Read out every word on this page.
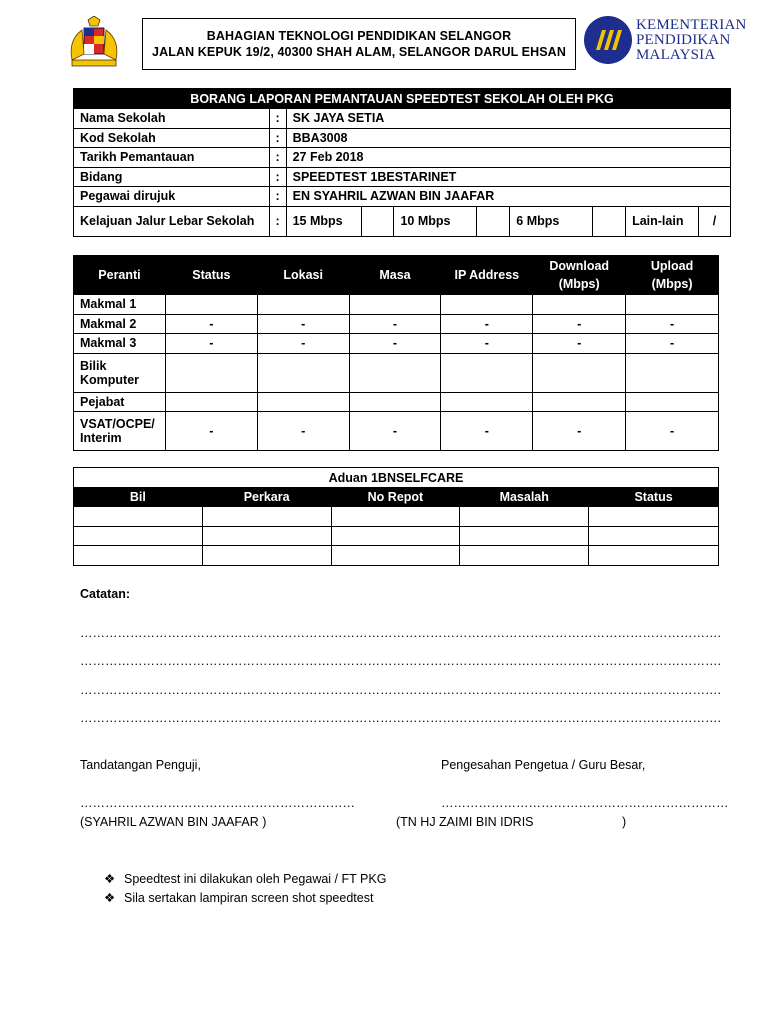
BAHAGIAN TEKNOLOGI PENDIDIKAN SELANGOR
JALAN KEPUK 19/2, 40300 SHAH ALAM, SELANGOR DARUL EHSAN
KEMENTERIAN
PENDIDIKAN
MALAYSIA
BORANG LAPORAN PEMANTAUAN SPEEDTEST SEKOLAH OLEH PKG									
Nama Sekolah	:	SK JAYA SETIA							
Kod Sekolah	:	BBA3008							
Tarikh Pemantauan	:	27 Feb 2018							
Bidang	:	SPEEDTEST 1BESTARINET							
Pegawai dirujuk	:	EN SYAHRIL AZWAN BIN JAAFAR							
Kelajuan Jalur Lebar Sekolah	:	15 Mbps		10 Mbps		6 Mbps		Lain-lain	/
Peranti	Status	Lokasi	Masa	IP Address	Download (Mbps)	Upload (Mbps)
Makmal 1						
Makmal 2	-	-	-	-	-	-
Makmal 3	-	-	-	-	-	-
Bilik Komputer						
Pejabat						
VSAT/OCPE/ Interim	-	-	-	-	-	-
Aduan 1BNSELFCARE				
Bil	Perkara	No Repot	Masalah	Status

Catatan:
……………………………………………………………………………………………………………………………………….
……………………………………………………………………………………………………………………………………….
……………………………………………………………………………………………………………………………………….
……………………………………………………………………………………………………………………………………….
Tandatangan Penguji,	Pengesahan Pengetua / Guru Besar,
…………………………………………………………	……………………………………………………………
(SYAHRIL AZWAN BIN JAAFAR )	(TN HJ ZAIMI BIN IDRIS	)
❖ Speedtest ini dilakukan oleh Pegawai / FT PKG
❖ Sila sertakan lampiran screen shot speedtest
